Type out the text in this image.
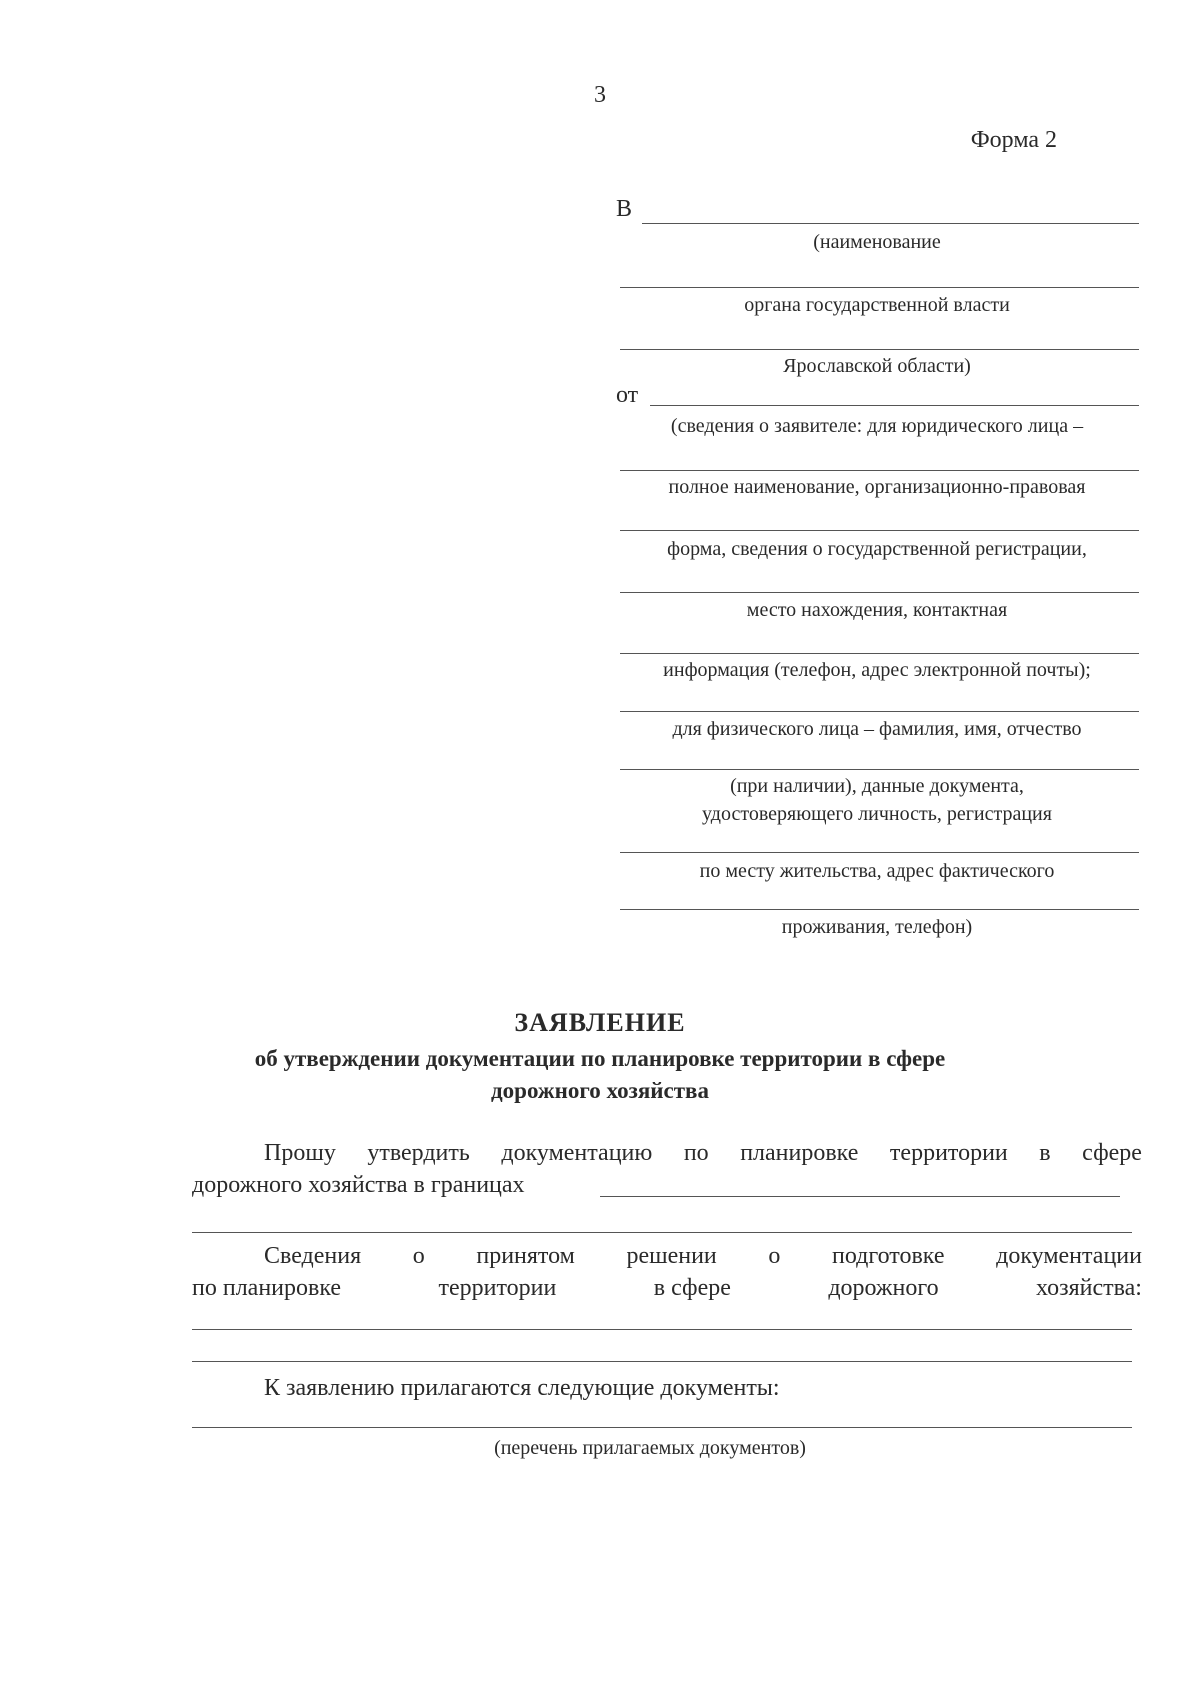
3
Форма 2
В
(наименование
органа государственной власти
Ярославской области)
от
(сведения о заявителе: для юридического лица –
полное наименование, организационно-правовая
форма, сведения о государственной регистрации,
место нахождения, контактная
информация (телефон, адрес электронной почты);
для физического лица – фамилия, имя, отчество
(при наличии), данные документа,
удостоверяющего личность, регистрация
по месту жительства, адрес фактического
проживания, телефон)
ЗАЯВЛЕНИЕ
об утверждении документации по планировке территории в сфере
дорожного хозяйства
Прошу утвердить документацию по планировке территории в сфере
дорожного хозяйства в границах
Сведения о принятом решении о подготовке документации
по планировке	территории	в сфере	дорожного	хозяйства:
К заявлению прилагаются следующие документы:
(перечень прилагаемых документов)
